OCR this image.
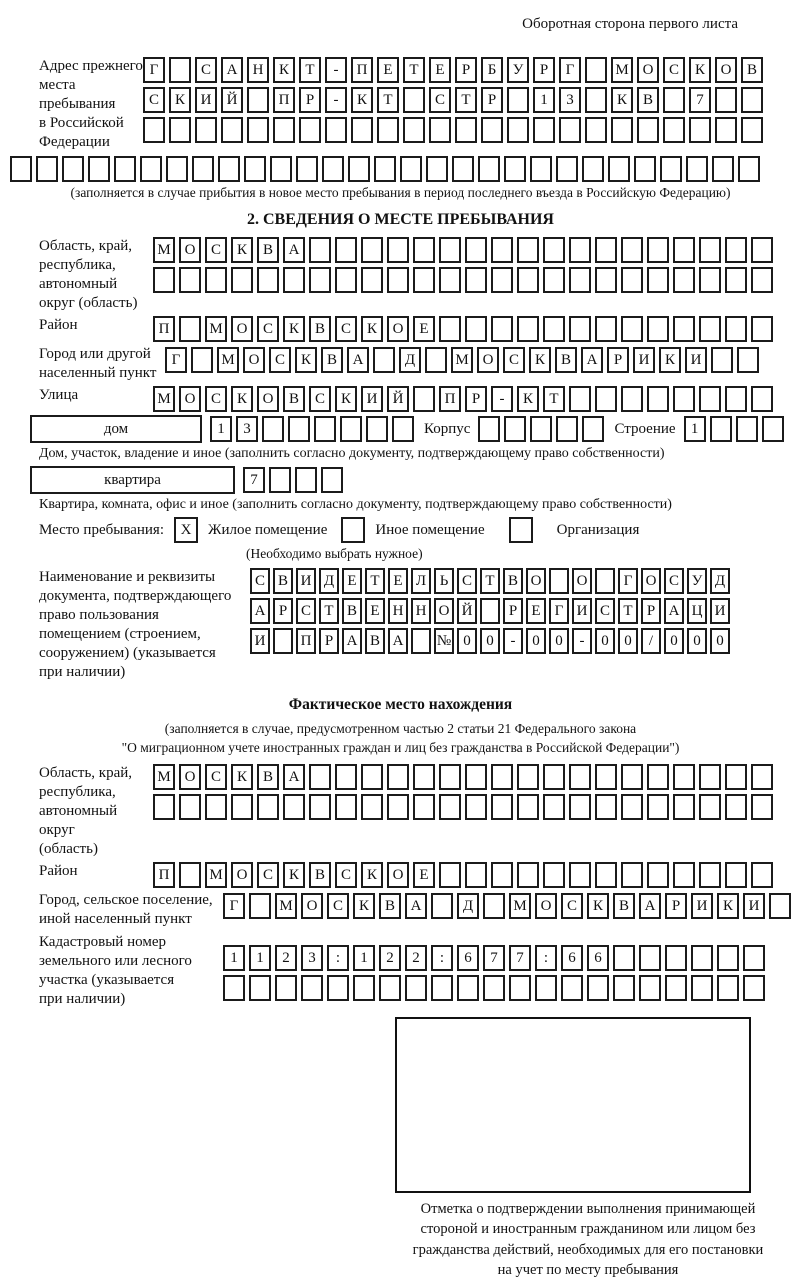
Оборотная сторона первого листа
Адрес прежнего
места пребывания
в Российской
Федерации
Г	С	А	Н	К	Т	-	П	Е	Т	Е	Р	Б	У	Р	Г	М О	С	К	О	В
С	К	И	Й	П	Р	-	К	Т	С	Т	Р	1	3	К	В	7
(заполняется в случае прибытия в новое место пребывания в период последнего въезда в Российскую Федерацию)
2. СВЕДЕНИЯ О МЕСТЕ ПРЕБЫВАНИЯ
Область, край,
республика,
автономный
округ (область)
М О	С	К	В	А
Район	П	М О	С	К	В	С	К	О	Е
Город или другой
населенный пункт
Г	М О	С	К	В	А	Д	М О	С	К	В	А	Р	И	К	И
Улица	М О	С	К	О	В	С	К	И	Й	П	Р	-	К	Т
дом	1	3	Корпус	Строение	1
Дом, участок, владение и иное (заполнить согласно документу, подтверждающему право собственности)
квартира	7
Квартира, комната, офис и иное (заполнить согласно документу, подтверждающему право собственности)
Место пребывания:	X	Жилое помещение	Иное помещение	Организация
(Необходимо выбрать нужное)
Наименование и реквизиты
документа, подтверждающего
право пользования
помещением (строением,
сооружением) (указывается
при наличии)
С В И Д Е Т Е Л Ь С Т В О	О	Г О С У Д
А Р С Т В Е Н Н О Й	Р Е Г И С Т Р А Ц И
И	П Р А В А	№ 0	0	-	0	0	-	0	0	/	0	0	0
Фактическое место нахождения
(заполняется в случае, предусмотренном частью 2 статьи 21 Федерального закона
"О миграционном учете иностранных граждан и лиц без гражданства в Российской Федерации")
Область, край,
республика,
автономный округ
(область)
М О	С	К	В	А
Район	П	М О	С	К	В	С	К	О	Е
Город, сельское поселение,
иной населенный пункт
Г	М О	С	К	В	А	Д	М О	С	К	В	А	Р	И	К	И
Кадастровый номер
земельного или лесного
участка (указывается
при наличии)
1	1	2	3	:	1	2	2	:	6	7	7	:	6	6
Отметка о подтверждении выполнения принимающей
стороной и иностранным гражданином или лицом без
гражданства действий, необходимых для его постановки
на учет по месту пребывания
